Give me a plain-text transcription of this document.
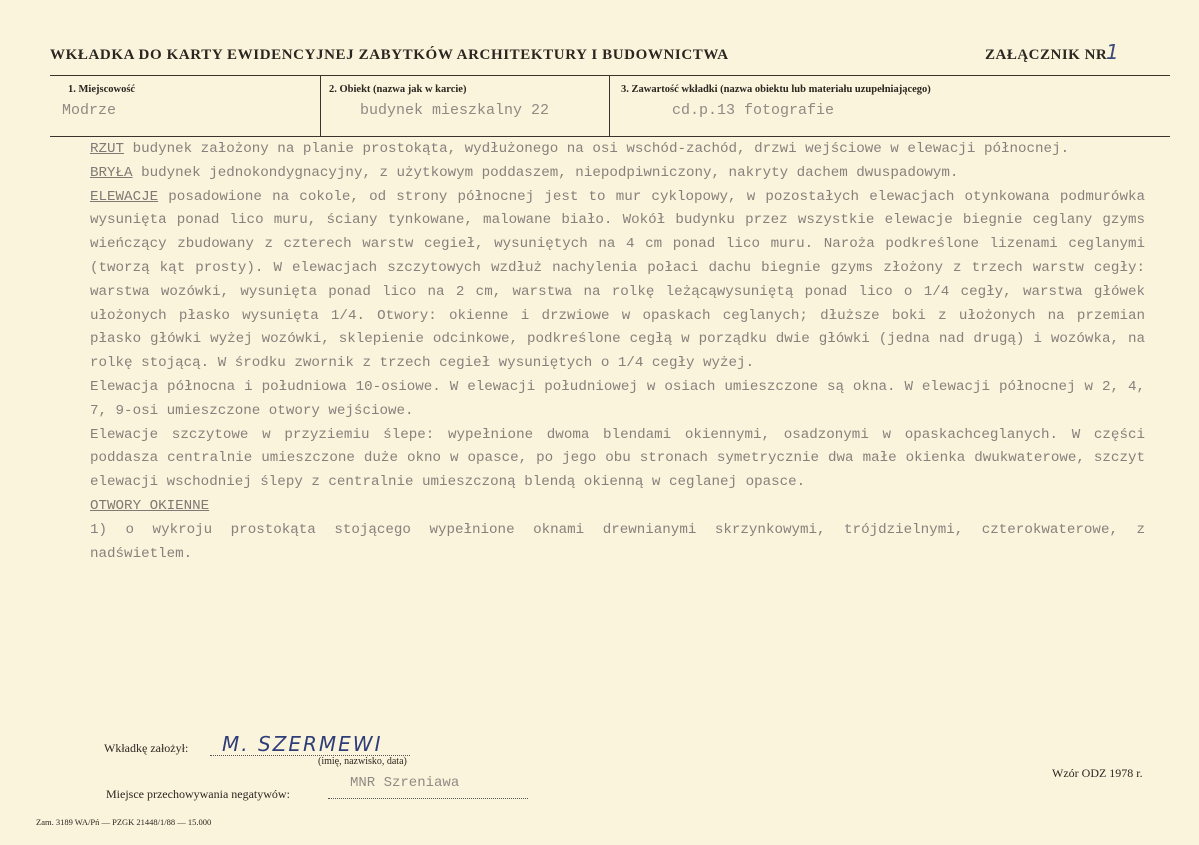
WKŁADKA DO KARTY EWIDENCYJNEJ ZABYTKÓW ARCHITEKTURY I BUDOWNICTWA	ZAŁĄCZNIK NR
1
1. Miejscowość
Modrze
2. Obiekt (nazwa jak w karcie)
budynek mieszkalny 22
3. Zawartość wkładki (nazwa obiektu lub materiału uzupełniającego)
cd.p.13 fotografie

RZUT budynek założony na planie prostokąta, wydłużonego na osi wschód-zachód, drzwi wejściowe w elewacji północnej.

BRYŁA budynek jednokondygnacyjny, z użytkowym poddaszem, niepodpiwniczony, nakryty dachem dwuspadowym.

ELEWACJE posadowione na cokole, od strony północnej jest to mur cyklopowy, w pozostałych elewacjach otynkowana podmurówka wysunięta ponad lico muru, ściany tynkowane, malowane biało. Wokół budynku przez wszystkie elewacje biegnie ceglany gzyms wieńczący zbudowany z czterech warstw cegieł, wysuniętych na 4 cm ponad lico muru. Naroża podkreślone lizenami ceglanymi (tworzą kąt prosty). W elewacjach szczytowych wzdłuż nachylenia połaci dachu biegnie gzyms złożony z trzech warstw cegły: warstwa wozówki, wysunięta ponad lico na 2 cm, warstwa na rolkę leżącąwysuniętą ponad lico o 1/4 cegły, warstwa główek ułożonych płasko wysunięta 1/4. Otwory: okienne i drzwiowe w opaskach ceglanych; dłuższe boki z ułożonych na przemian płasko główki wyżej wozówki, sklepienie odcinkowe, podkreślone cegłą w porządku dwie główki (jedna nad drugą) i wozówka, na rolkę stojącą. W środku zwornik z trzech cegieł wysuniętych o 1/4 cegły wyżej.

Elewacja północna i południowa 10-osiowe. W elewacji południowej w osiach umieszczone są okna. W elewacji północnej w 2, 4, 7, 9-osi umieszczone otwory wejściowe.

Elewacje szczytowe w przyziemiu ślepe: wypełnione dwoma blendami okiennymi, osadzonymi w opaskachceglanych. W części poddasza centralnie umieszczone duże okno w opasce, po jego obu stronach symetrycznie dwa małe okienka dwukwaterowe, szczyt elewacji wschodniej ślepy z centralnie umieszczoną blendą okienną w ceglanej opasce.

OTWORY OKIENNE

1) o wykroju prostokąta stojącego wypełnione oknami drewnianymi skrzynkowymi, trójdzielnymi, czterokwaterowe, z nadświetlem.

Wkładkę założył: M. SZERMEWI
(imię, nazwisko, data)
Miejsce przechowywania negatywów:
MNR Szreniawa
Wzór ODZ 1978 r.
Zam. 3189 WA/Pń — PZGK 21448/1/88 — 15.000
